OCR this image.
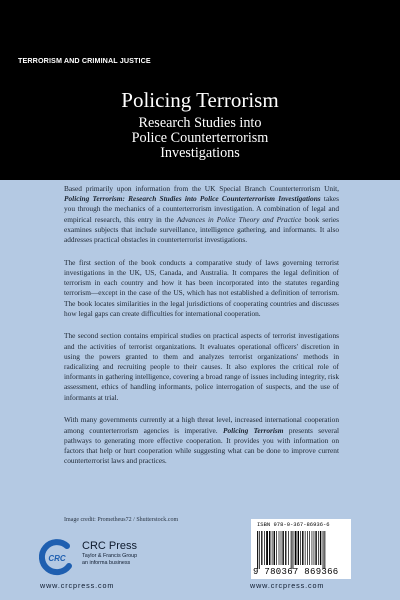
TERRORISM AND CRIMINAL JUSTICE
Policing Terrorism
Research Studies into
Police Counterterrorism
Investigations

Based primarily upon information from the UK Special Branch Counterterrorism Unit, Policing Terrorism: Research Studies into Police Counterterrorism Investigations takes you through the mechanics of a counterterrorism investigation. A combination of legal and empirical research, this entry in the Advances in Police Theory and Practice book series examines subjects that include surveillance, intelligence gathering, and informants. It also addresses practical obstacles in counterterrorist investigations.

The first section of the book conducts a comparative study of laws governing terrorist investigations in the UK, US, Canada, and Australia. It compares the legal definition of terrorism in each country and how it has been incorporated into the statutes regarding terrorism—except in the case of the US, which has not established a definition of terrorism. The book locates similarities in the legal jurisdictions of cooperating countries and discusses how legal gaps can create difficulties for international cooperation.

The second section contains empirical studies on practical aspects of terrorist investigations and the activities of terrorist organizations. It evaluates operational officers' discretion in using the powers granted to them and analyzes terrorist organizations' methods in radicalizing and recruiting people to their causes. It also explores the critical role of informants in gathering intelligence, covering a broad range of issues including integrity, risk assessment, ethics of handling informants, police interrogation of suspects, and the use of informants at trial.

With many governments currently at a high threat level, increased international cooperation among counterterrorism agencies is imperative. Policing Terrorism presents several pathways to generating more effective cooperation. It provides you with information on factors that help or hurt cooperation while suggesting what can be done to improve current counterterrorist laws and practices.

Image credit: Prometheus72 / Shutterstock.com
CRC
CRC Press
Taylor & Francis Group
an informa business
www.crcpress.com
ISBN 978-0-367-86936-6
9 780367 869366
www.crcpress.com
